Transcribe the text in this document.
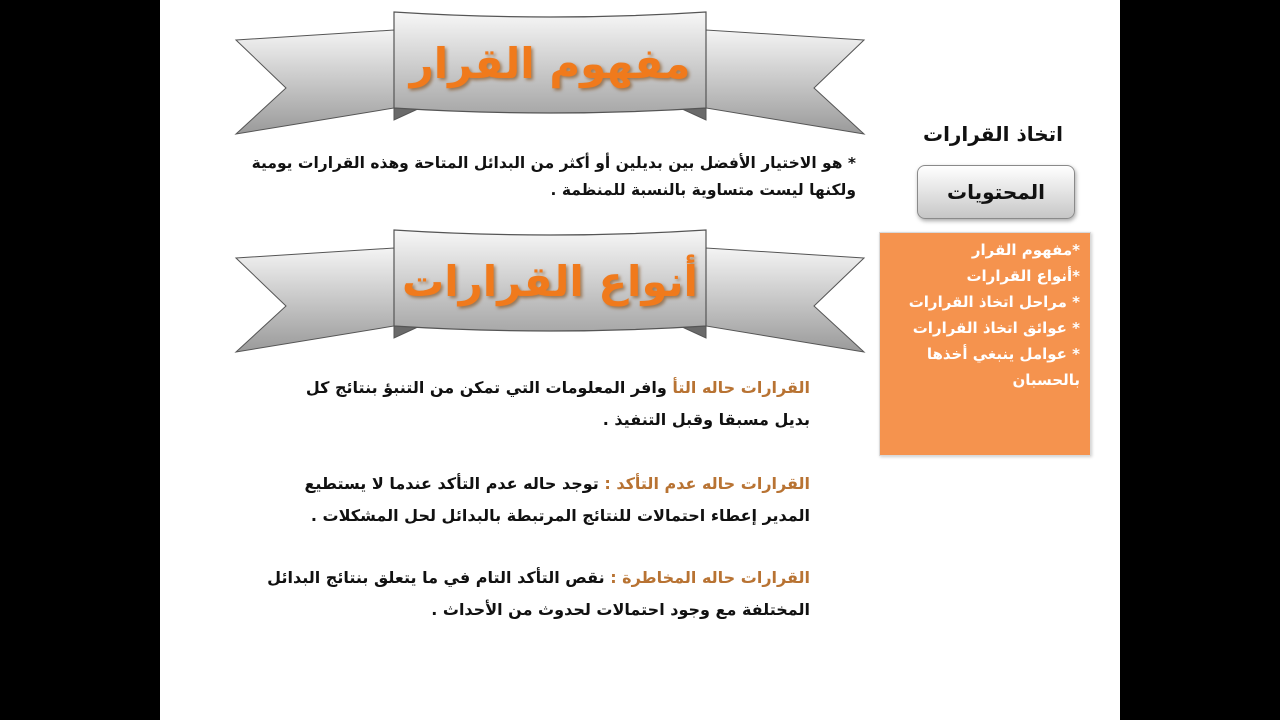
مفهوم القرار
* هو الاختيار الأفضل بين بديلين أو أكثر من البدائل المتاحة وهذه القرارات يومية ولكنها ليست متساوية بالنسبة للمنظمة .
أنواع القرارات
القرارات حاله التأ وافر المعلومات التي تمكن من التنبؤ بنتائج كل
بديل مسبقا وقبل التنفيذ .
القرارات حاله عدم التأكد : توجد حاله عدم التأكد عندما لا يستطيع
المدير إعطاء احتمالات للنتائج المرتبطة بالبدائل لحل المشكلات .
القرارات حاله المخاطرة : نقص التأكد التام في ما يتعلق بنتائج البدائل
المختلفة مع وجود احتمالات لحدوث من الأحداث .
اتخاذ القرارات
المحتويات
*مفهوم القرار
*أنواع القرارات
* مراحل اتخاذ القرارات
* عوائق اتخاذ القرارات
* عوامل ينبغي أخذها
بالحسبان
